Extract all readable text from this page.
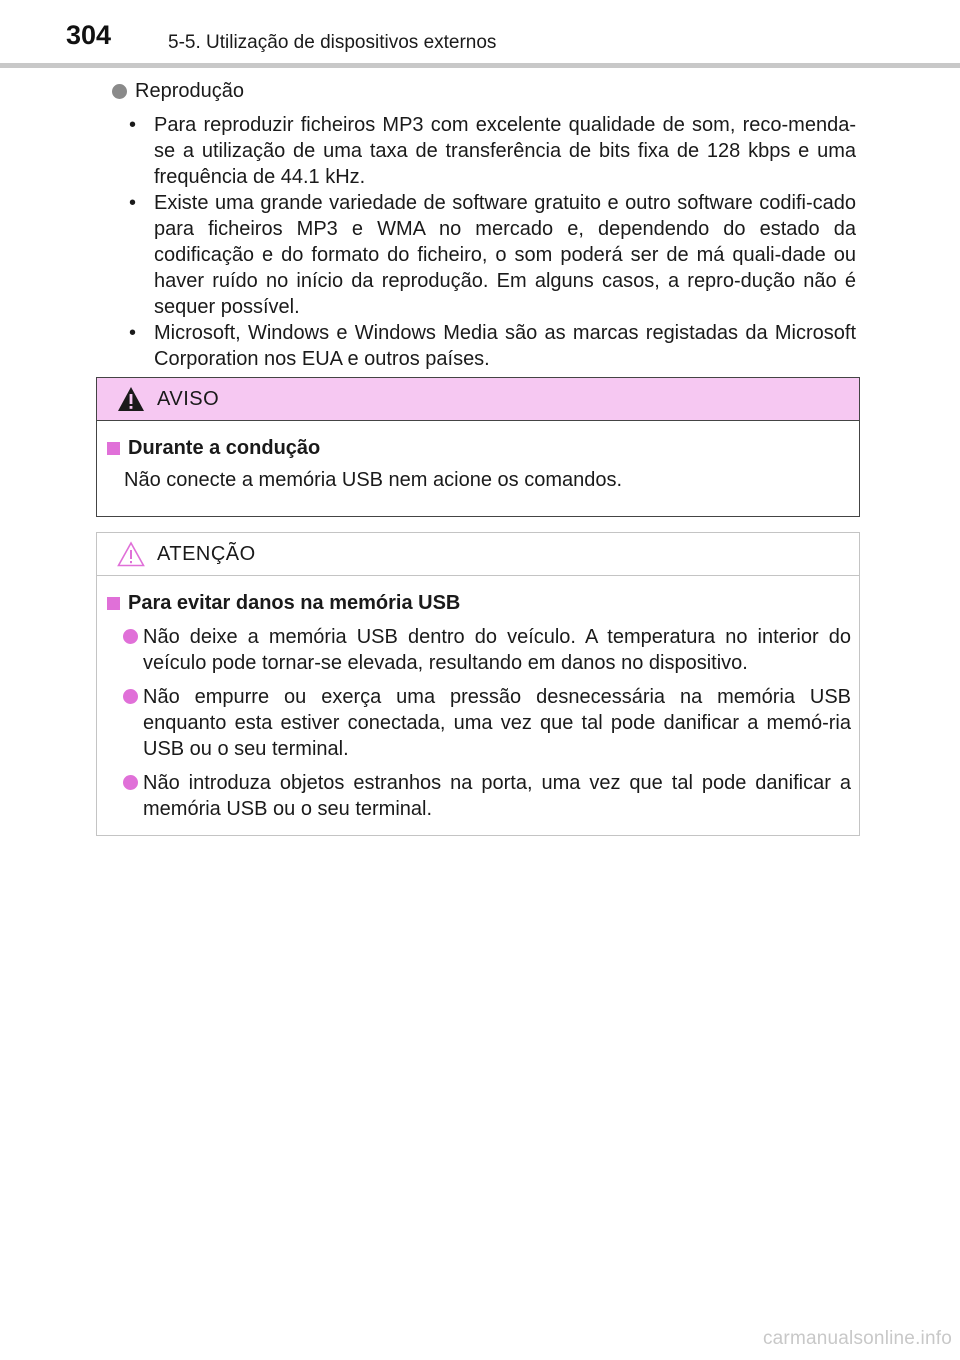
304	5-5. Utilização de dispositivos externos
Reprodução
• Para reproduzir ficheiros MP3 com excelente qualidade de som, reco-menda-se a utilização de uma taxa de transferência de bits fixa de 128 kbps e uma frequência de 44.1 kHz.
• Existe uma grande variedade de software gratuito e outro software codifi-cado para ficheiros MP3 e WMA no mercado e, dependendo do estado da codificação e do formato do ficheiro, o som poderá ser de má quali-dade ou haver ruído no início da reprodução. Em alguns casos, a repro-dução não é sequer possível.
• Microsoft, Windows e Windows Media são as marcas registadas da Microsoft Corporation nos EUA e outros países.
AVISO
Durante a condução
Não conecte a memória USB nem acione os comandos.
ATENÇÃO
Para evitar danos na memória USB
Não deixe a memória USB dentro do veículo. A temperatura no interior do veículo pode tornar-se elevada, resultando em danos no dispositivo.
Não empurre ou exerça uma pressão desnecessária na memória USB enquanto esta estiver conectada, uma vez que tal pode danificar a memó-ria USB ou o seu terminal.
Não introduza objetos estranhos na porta, uma vez que tal pode danificar a memória USB ou o seu terminal.
carmanualsonline.info
